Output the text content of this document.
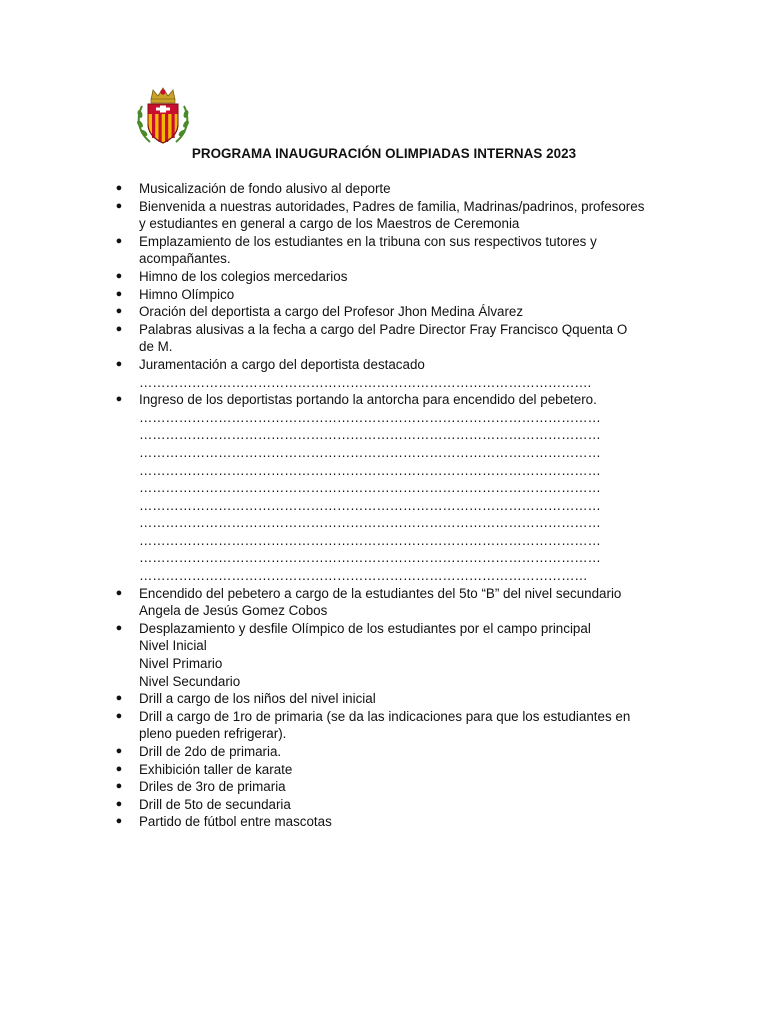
PROGRAMA INAUGURACIÓN OLIMPIADAS INTERNAS 2023
● Musicalización de fondo alusivo al deporte
● Bienvenida a nuestras autoridades, Padres de familia, Madrinas/padrinos, profesores
y estudiantes en general a cargo de los Maestros de Ceremonia
● Emplazamiento de los estudiantes en la tribuna con sus respectivos tutores y
acompañantes.
● Himno de los colegios mercedarios
● Himno Olímpico
● Oración del deportista a cargo del Profesor Jhon Medina Álvarez
● Palabras alusivas a la fecha a cargo del Padre Director Fray Francisco Qquenta O
de M.
● Juramentación a cargo del deportista destacado
………………………………………………………………………………………….
● Ingreso de los deportistas portando la antorcha para encendido del pebetero.
……………………………………………………………………………………………
……………………………………………………………………………………………
……………………………………………………………………………………………
……………………………………………………………………………………………
……………………………………………………………………………………………
……………………………………………………………………………………………
……………………………………………………………………………………………
……………………………………………………………………………………………
……………………………………………………………………………………………
…………………………………………………………………………………………
● Encendido del pebetero a cargo de la estudiantes del 5to “B” del nivel secundario
Angela de Jesús Gomez Cobos
● Desplazamiento y desfile Olímpico de los estudiantes por el campo principal
Nivel Inicial
Nivel Primario
Nivel Secundario
● Drill a cargo de los niños del nivel inicial
● Drill a cargo de 1ro de primaria (se da las indicaciones para que los estudiantes en
pleno pueden refrigerar).
● Drill de 2do de primaria.
● Exhibición taller de karate
● Driles de 3ro de primaria
● Drill de 5to de secundaria
● Partido de fútbol entre mascotas
